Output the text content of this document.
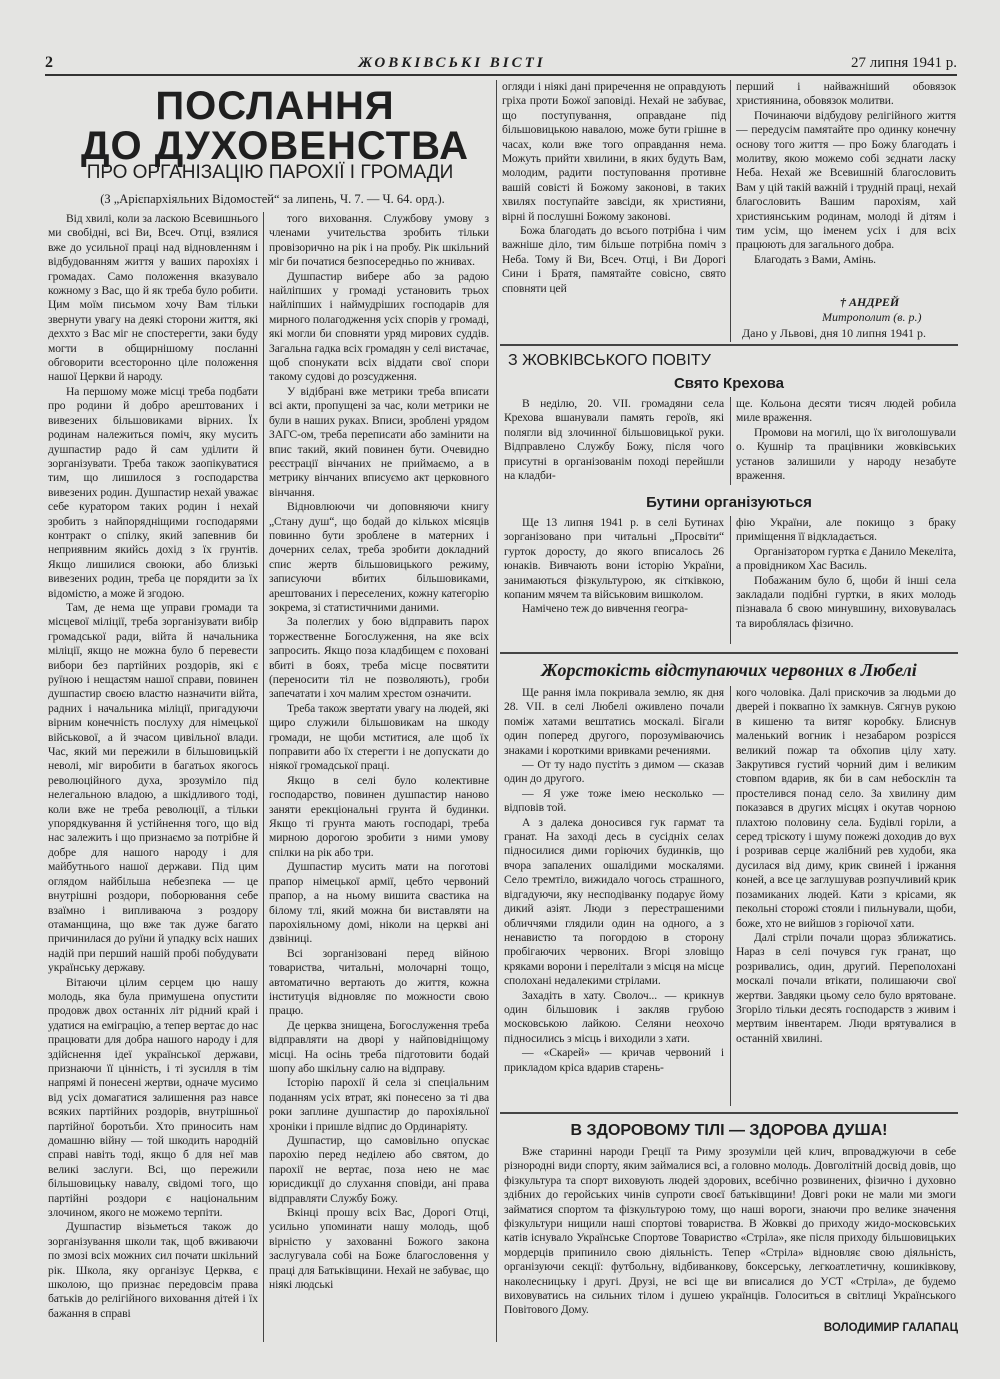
2	ЖОВКІВСЬКІ ВІСТІ	27 липня 1941 р.
ПОСЛАННЯ
ДО ДУХОВЕНСТВА
ПРО ОРГАНІЗАЦІЮ ПАРОХІЇ І ГРОМАДИ
(З „Арієпархіяльних Відомостей“ за липень, Ч. 7. — Ч. 64. орд.).

Від хвилі, коли за ласкою Всевишнього ми свобідні, всі Ви, Всеч. Отці, взялися вже до усильної праці над відновленням і відбудованням життя у ваших парохіях і громадах. Само положення вказувало кожному з Вас, що й як треба було робити. Цим моїм письмом хочу Вам тільки звернути увагу на деякі сторони життя, які деххто з Вас міг не спостерегти, заки буду могти в общирнішому посланні обговорити всесторонно ціле положення нашої Церкви й народу.

На першому може місці треба подбати про родини й добро арештованих і вивезених більшовиками вірних. Їх родинам належиться поміч, яку мусить душпастир радо й сам уділити й зорганізувати. Треба також заопікуватися тим, що лишилося з господарства вивезених родин. Душпастир нехай уважає себе куратором таких родин і нехай зробить з найпорядніщими господарями контракт о спілку, який запевнив би неприявним якийсь дохід з їх грунтів. Якщо лишилися своюки, або близькі вивезених родин, треба це порядити за їх відомістю, а може й згодою.

Там, де нема ще управи громади та місцевої міліції, треба зорганізувати вибір громадської ради, війта й начальника міліції, якщо не можна було б перевести вибори без партійних роздорів, які є руїною і нещастям нашої справи, повинен душпастир своєю властю назначити війта, радних і начальника міліції, пригадуючи вірним конечність послуху для німецької військової, а й зчасом цивільної влади. Час, який ми пережили в більшовицькій неволі, міг виробити в багатьох якогось революційного духа, зрозуміло під нелегальною владою, а шкідливого тоді, коли вже не треба революції, а тільки упорядкування й устійнення того, що від нас залежить і що признаємо за потрібне й добре для нашого народу і для майбутнього нашої держави. Під цим оглядом найбільша небезпека — це внутрішні роздори, поборювання себе взаїмно і випливаюча з роздору отаманщина, що вже так дуже багато причинилася до руїни й упадку всіх наших надій при перший нашій пробі побудувати українську державу.

Вітаючи цілим серцем цю нашу молодь, яка була примушена опустити продовж двох останніх літ рідний край і удатися на еміграцію, а тепер вертає до нас працювати для добра нашого народу і для здійснення ідеї української держави, признаючи її цінність, і ті зусилля в тім напрямі й понесені жертви, одначе мусимо від усіх домагатися залишення раз навсе всяких партійних роздорів, внутрішньої партійної боротьби. Хто приносить нам домашню війну — той шкодить народній справі навіть тоді, якщо б для неї мав великі заслуги. Всі, що пережили більшовицьку навалу, свідомі того, що партійні роздори є національним злочином, якого не можемо терпіти.

Душпастир візьметься також до зорганізування школи так, щоб вживаючи по змозі всіх можних сил почати шкільний рік. Школа, яку організує Церква, є школою, що признає передовсім права батьків до релігійного виховання дітей і їх бажання в справі

того виховання. Службову умову з членами учительства зробить тільки провізорично на рік і на пробу. Рік шкільний міг би початися безпосередньо по жнивах.

Душпастир вибере або за радою найліпших у громаді установить трьох найліпших і наймудріших господарів для мирного полагодження усіх спорів у громаді, які могли би сповняти уряд мирових суддів. Загальна гадка всіх громадян у селі вистачає, щоб спонукати всіх віддати свої спори такому судові до розсудження.

У відібрані вже метрики треба вписати всі акти, пропущені за час, коли метрики не були в наших руках. Вписи, зроблені урядом ЗАГС-ом, треба переписати або замінити на впис такий, який повинен бути. Очевидно реєстрації вінчаних не приймаємо, а в метрику вінчаних вписуємо акт церковного вінчання.

Відновлюючи чи доповняючи книгу „Стану душ“, що бодай до кількох місяців повинно бути зроблене в матерних і дочерних селах, треба зробити докладний спис жертв більшовицького режиму, записуючи вбитих більшовиками, арештованих і переселених, кожну категорію зокрема, зі статистичними даними.

За полеглих у бою відправить парох торжественне Богослуження, на яке всіх запросить. Якщо поза кладбищем є поховані вбиті в боях, треба місце посвятити (переносити тіл не позволяють), гроби запечатати і хоч малим хрестом означити.

Треба також звертати увагу на людей, які щиро служили більшовикам на шкоду громади, не щоби мститися, але щоб їх поправити або їх стерегти і не допускати до ніякої громадської праці.

Якщо в селі було колективне господарство, повинен душпастир наново заняти ерекціональні грунта й будинки. Якщо ті грунта мають господарі, треба мирною дорогою зробити з ними умову спілки на рік або три.

Душпастир мусить мати на поготові прапор німецької армії, цебто червоний прапор, а на ньому вишита свастика на білому тлі, який можна би виставляти на парохіяльному домі, ніколи на церкві ані дзвіниці.

Всі зорганізовані перед війною товариства, читальні, молочарні тощо, автоматично вертають до життя, кожна інституція відновляє по можности свою працю.

Де церква знищена, Богослуження треба відправляти на дворі у найповідніщому місці. На осінь треба підготовити бодай шопу або шкільну салю на відправу.

Історію парохії й села зі спеціальним поданням усіх втрат, які понесено за ті два роки заплине душпастир до парохіяльної хроніки і пришле відпис до Ординаріяту.

Душпастир, що самовільно опускає парохію перед неділею або святом, до парохії не вертає, поза нею не має юрисдикції до слухання сповіди, ані права відправляти Службу Божу.

Вкінці прошу всіх Вас, Дорогі Отці, усильно упоминати нашу молодь, щоб вірністю у захованні Божого закона заслугувала собі на Боже благословення у праці для Батьківщини. Нехай не забуває, що ніякі людські

огляди і ніякі дані приречення не оправдують гріха проти Божої заповіді. Нехай не забуває, що поступування, оправдане під більшовицькою навалою, може бути грішне в часах, коли вже того оправдання нема. Можуть прийти хвилини, в яких будуть Вам, молодим, радити поступовання противне вашій совісті й Божому законові, в таких хвилях поступайте завсіди, як християни, вірні й послушні Божому законові.

Божа благодать до всього потрібна і чим важніше діло, тим більше потрібна поміч з Неба. Тому й Ви, Всеч. Отці, і Ви Дорогі Сини і Братя, памятайте совісно, свято сповняти цей

перший і найважніший обовязок християнина, обовязок молитви.

Починаючи відбудову релігійного життя — передусім памятайте про одинку конечну основу того життя — про Божу благодать і молитву, якою можемо собі зєднати ласку Неба. Нехай же Всевишній благословить Вам у цій такій важній і трудній праці, нехай благословить Вашим парохіям, хай християнським родинам, молоді й дітям і тим усім, що іменем усіх і для всіх працюють для загального добра.

Благодать з Вами, Амінь.

† АНДРЕЙ
Митрополит (в. р.)
Дано у Львові, дня 10 липня 1941 р.
З ЖОВКІВСЬКОГО ПОВІТУ
Свято Крехова

В неділю, 20. VII. громадяни села Крехова вшанували память героїв, які полягли від злочинної більшовицької руки. Відправлено Службу Божу, після чого присутні в організованім поході перейшли на кладби-

ще. Кольона десяти тисяч людей робила миле враження.

Промови на могилі, що їх виголошували о. Кушнір та працівники жовківських установ залишили у народу незабуте враження.

Бутини організуються

Ще 13 липня 1941 р. в селі Бутинах зорганізовано при читальні „Просвіти“ гурток доросту, до якого вписалось 26 юнаків. Вивчають вони історію України, занимаються фізкультурою, як сітківкою, копаним мячем та військовим вишколом.

Намічено теж до вивчення геогра-

фію України, але покищо з браку приміщення її відкладається.

Організатором гуртка є Данило Мекеліта, а провідником Хас Василь.

Побажаним було б, щоби й інші села закладали подібні гуртки, в яких молодь пізнавала б свою минувшину, виховувалась та вироблялась фізично.

Жорстокість відступаючих червоних в Любелі

Ще рання імла покривала землю, як дня 28. VII. в селі Любелі оживлено почали помiж хатами вештатись москалі. Бігали один поперед другого, порозуміваючись знаками і короткими вривками речениями.

— От ту надо пустіть з димом — сказав один до другого.

— Я уже тоже імею несколько — відповів той.

А з далека доносився гук гармат та гранат. На заході десь в сусідніх селах підносилися дими горіючих будинків, що вчора запалених ошалідими москалями. Село тремтіло, вижидало чогось страшного, відгадуючи, яку несподіванку подарує йому дикий азіят. Люди з перестрашеними обличчями глядили один на одного, а з ненавистю та погордою в сторону пробігаючих червоних. Вгорі зловіщо кряками ворони і перелітали з місця на місце сполохані недалекими стрілами.

Захадіть в хату. Сволоч... — крикнув один більшовик і закляв грубою московською лайкою. Селяни неохочо підносились з місць і виходили з хати.

— «Скарей» — кричав червоний і прикладом кріса вдарив старень-

кого чоловіка. Далі прискочив за людьми до дверей і поквапно їх замкнув. Сягнув рукою в кишеню та витяг коробку. Блиснув маленький вогник і незабаром розрісся великий пожар та обхопив цілу хату. Закрутився густий чорний дим і великим стовпом вдарив, як би в сам небосклін та простелився понад село. За хвилину дим показався в других місцях і окутав чорною плахтою половину села. Будівлі горіли, а серед тріскоту і шуму пожежі доходив до вух і розривав серце жалібний рев худоби, яка дусилася від диму, крик свиней і іржання коней, а все це заглушував розпучливий крик позамиканих людей. Кати з крісами, як пекольні сторожі стояли і пильнували, щоби, боже, хто не вийшов з горіючої хати.

Далі стріли почали щораз зближатись. Нараз в селі почувся гук гранат, що розривались, один, другий. Переполохані москалі почали втікати, полишаючи свої жертви. Завдяки цьому село було врятоване. Згоріло тільки десять господарств з живим і мертвим інвентарем. Люди врятувалися в останній хвилині.

В ЗДОРОВОМУ ТІЛІ — ЗДОРОВА ДУША!

Вже старинні народи Греції та Риму зрозуміли цей клич, впроваджуючи в себе різнородні види спорту, яким займалися всі, а головно молодь. Довголітній досвід довів, що фізкультура та спорт виховують людей здорових, всебічно розвинених, фізично і духовно здібних до геройських чинів супроти своєї батьківщини! Довгі роки не мали ми змоги займатися спортом та фізкультурою тому, що наші вороги, знаючи про велике значення фізкультури нищили наші спортові товариства. В Жовкві до приходу жидо-московських катів існувало Українське Спортове Товариство «Стріла», яке після приходу більшовицьких мордерців припинило свою діяльність. Тепер «Стріла» відновляє свою діяльність, організуючи секції: футбольну, відбиванкову, боксерську, легкоатлетичну, кошиківкову, наколесницьку і другі. Друзі, не всі ще ви вписалися до УСТ «Стріла», де будемо виховуватись на сильних тілом і душею українців. Голоситься в світлиці Українського Повітового Дому.

ВОЛОДИМИР ГАЛАПАЦ
